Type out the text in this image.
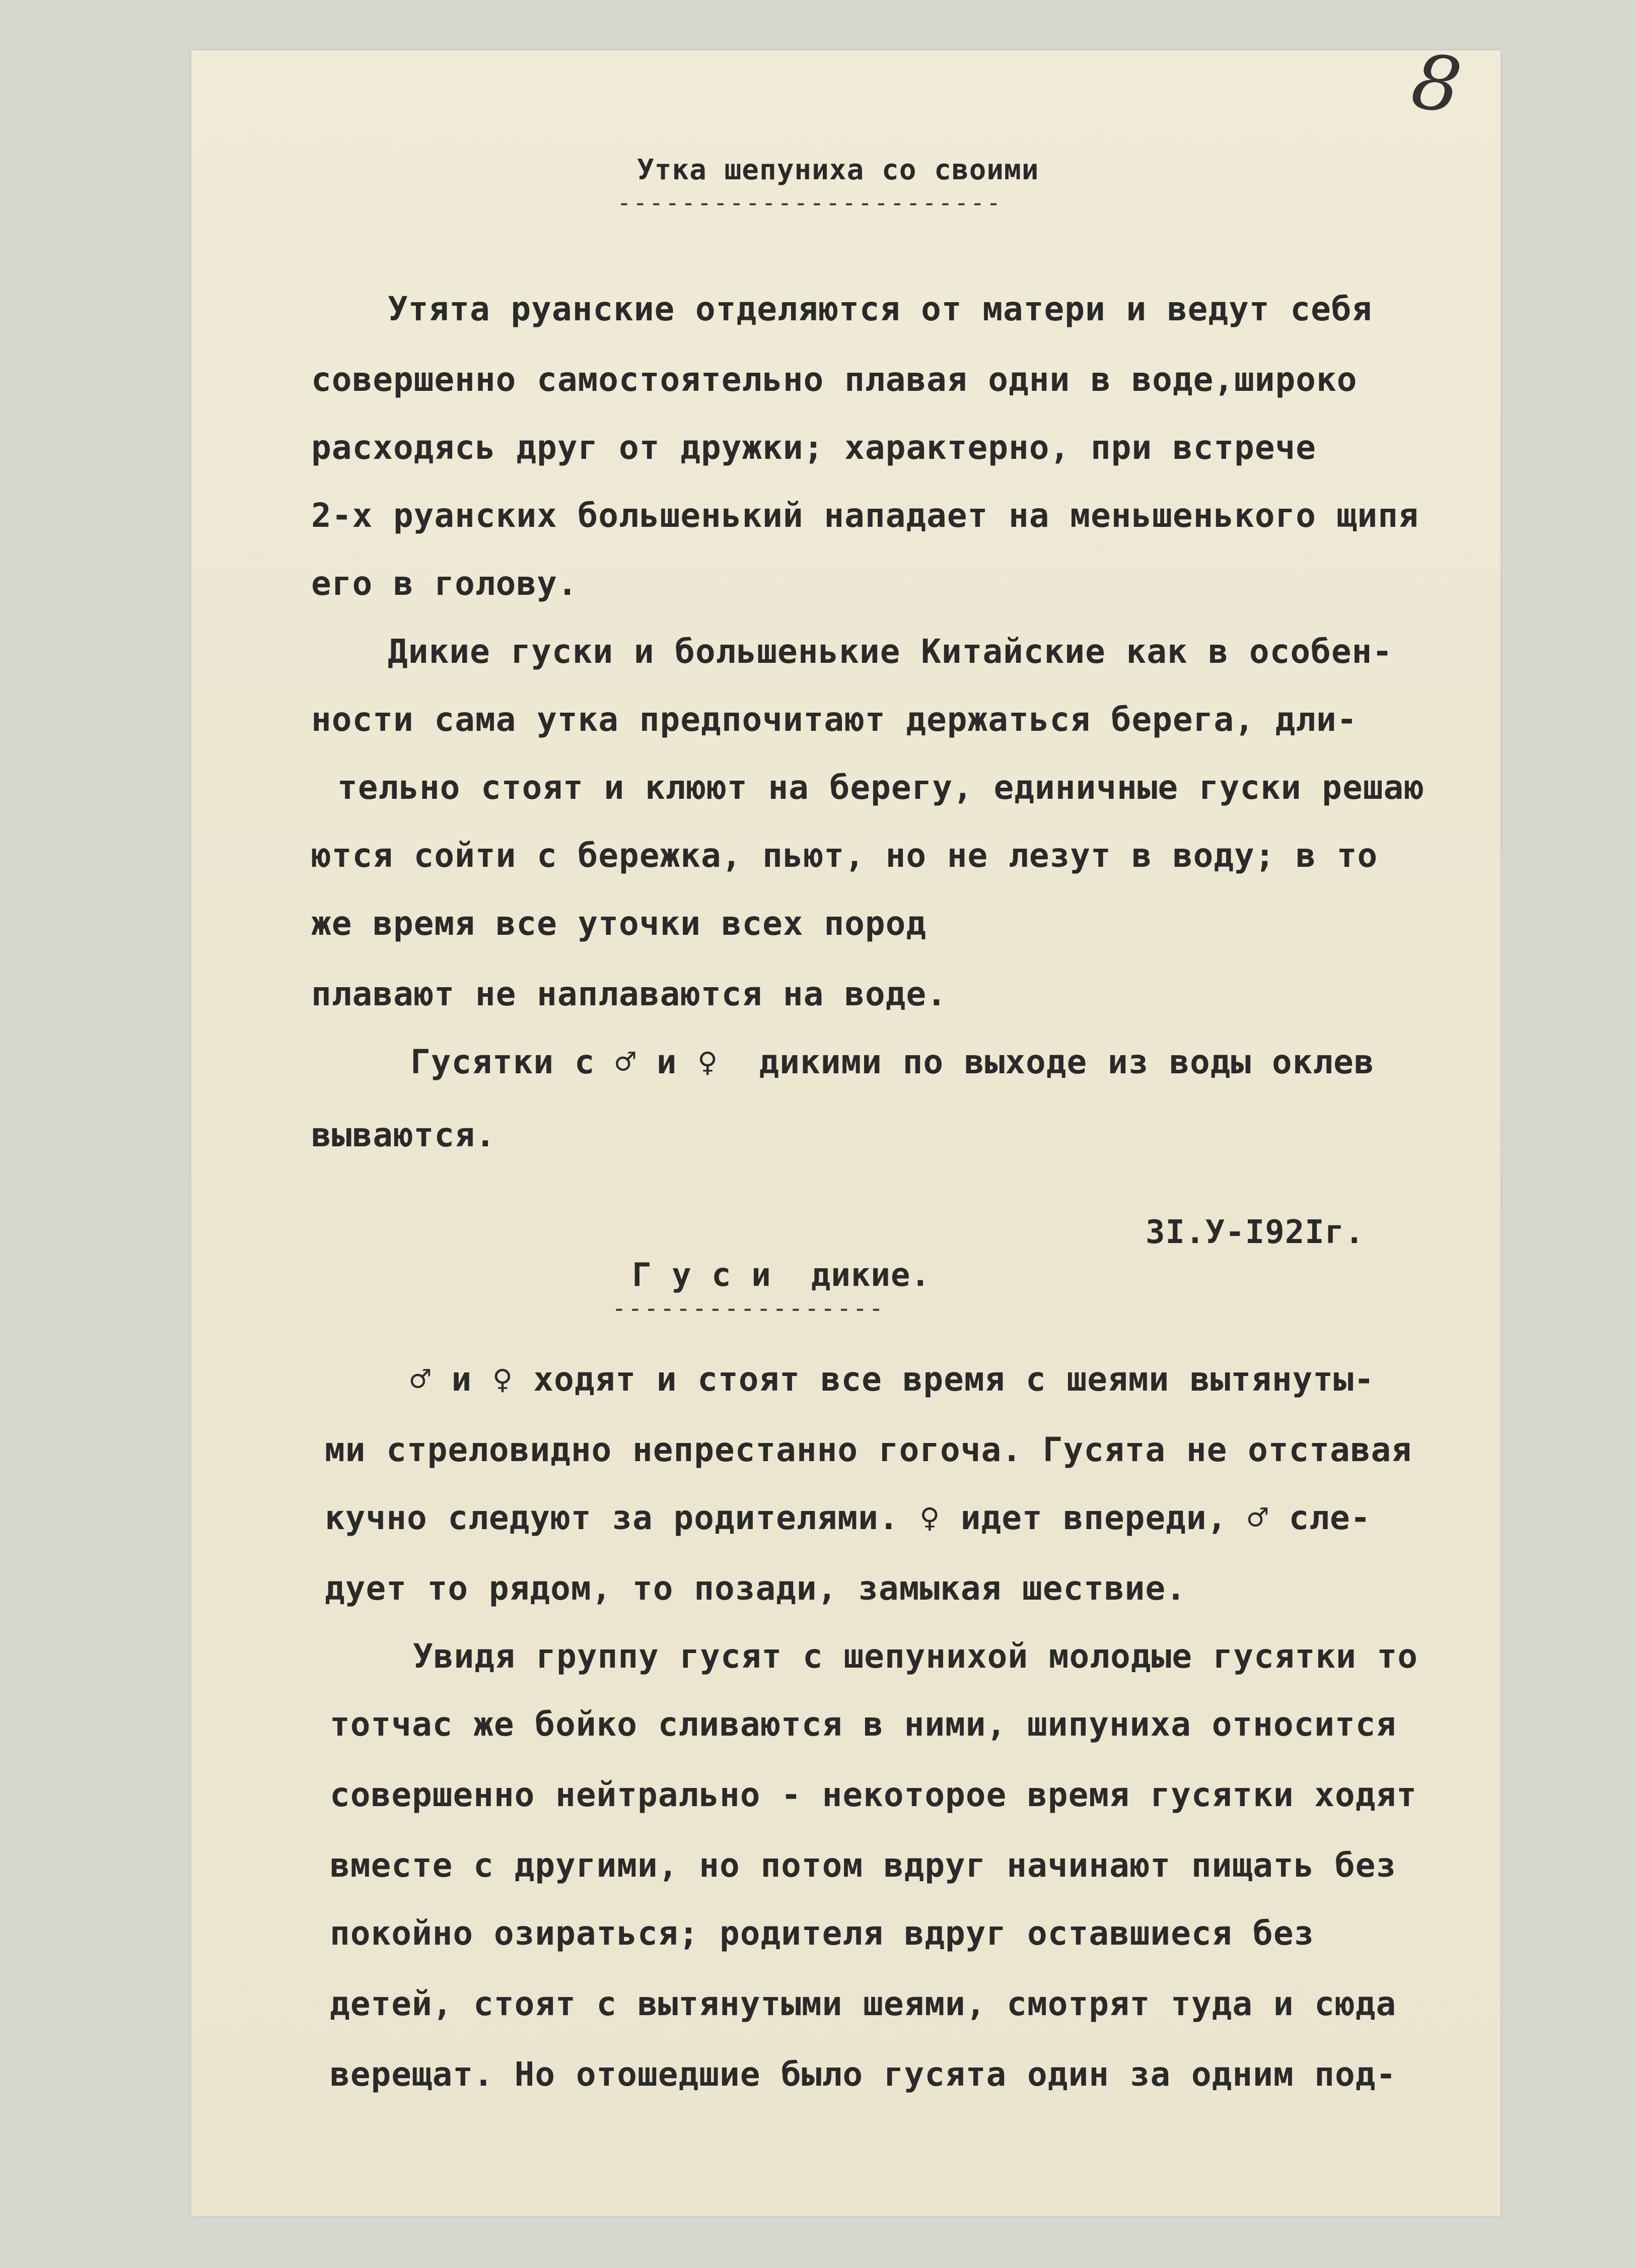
8
Утка шепуниха со своими
------------------------
Утята руанские отделяются от матери и ведут себя
совершенно самостоятельно плавая одни в воде,широко
расходясь друг от дружки; характерно, при встрече
2-х руанских большенький нападает на меньшенького щипя
его в голову.
Дикие гуски и большенькие Китайские как в особен-
ности сама утка предпочитают держаться берега, дли-
тельно стоят и клюют на берегу, единичные гуски решаю
ются сойти с бережка, пьют, но не лезут в воду; в то
же время все уточки всех пород
плавают не наплаваются на воде.
Гусятки с ♂ и ♀  дикими по выходе из воды оклев
вываются.
3I.У-I92Iг.
Г у с и  дикие.
-----------------
♂ и ♀ ходят и стоят все время с шеями вытянуты-
ми стреловидно непрестанно гогоча. Гусята не отставая
кучно следуют за родителями. ♀ идет впереди, ♂ сле-
дует то рядом, то позади, замыкая шествие.
Увидя группу гусят с шепунихой молодые гусятки то
тотчас же бойко сливаются в ними, шипуниха относится
совершенно нейтрально - некоторое время гусятки ходят
вместе с другими, но потом вдруг начинают пищать без
покойно озираться; родителя вдруг оставшиеся без
детей, стоят с вытянутыми шеями, смотрят туда и сюда
верещат. Но отошедшие было гусята один за одним под-
